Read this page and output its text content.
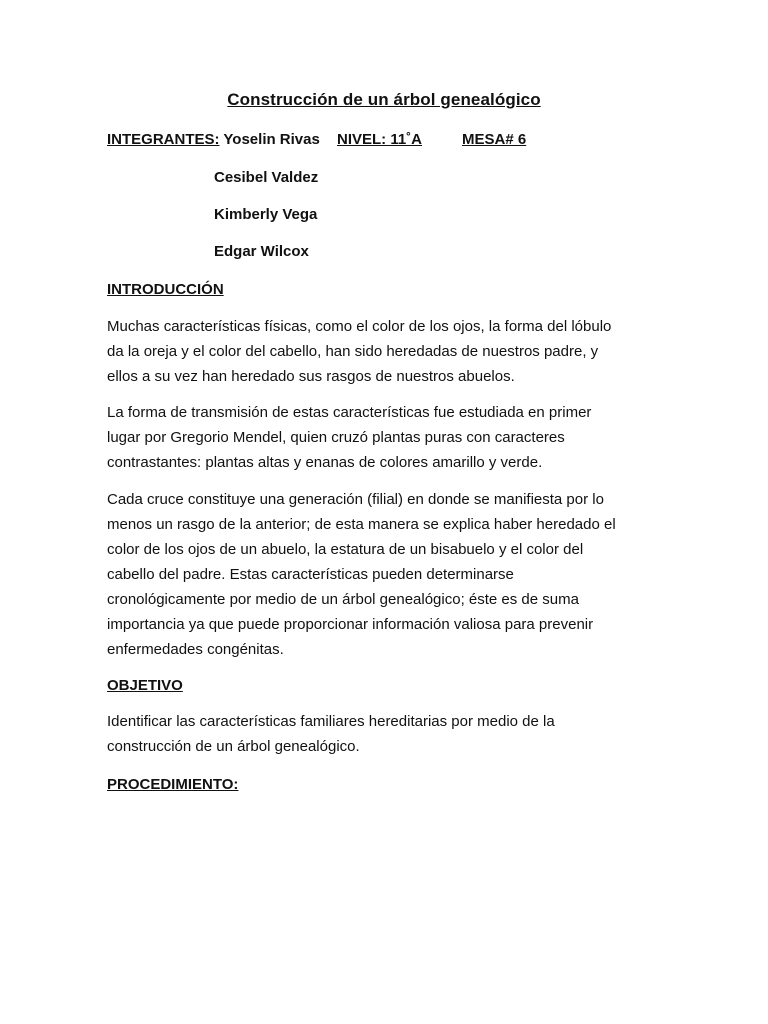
Construcción de un árbol genealógico
INTEGRANTES: Yoselin Rivas NIVEL: 11˚A	MESA# 6
Cesibel Valdez
Kimberly Vega
Edgar Wilcox
INTRODUCCIÓN

Muchas características físicas, como el color de los ojos, la forma del lóbulo
da la oreja y el color del cabello, han sido heredadas de nuestros padre, y
ellos a su vez han heredado sus rasgos de nuestros abuelos.

La forma de transmisión de estas características fue estudiada en primer
lugar por Gregorio Mendel, quien cruzó plantas puras con caracteres
contrastantes: plantas altas y enanas de colores amarillo y verde.

Cada cruce constituye una generación (filial) en donde se manifiesta por lo
menos un rasgo de la anterior; de esta manera se explica haber heredado el
color de los ojos de un abuelo, la estatura de un bisabuelo y el color del
cabello del padre. Estas características pueden determinarse
cronológicamente por medio de un árbol genealógico; éste es de suma
importancia ya que puede proporcionar información valiosa para prevenir
enfermedades congénitas.

OBJETIVO

Identificar las características familiares hereditarias por medio de la
construcción de un árbol genealógico.

PROCEDIMIENTO:
